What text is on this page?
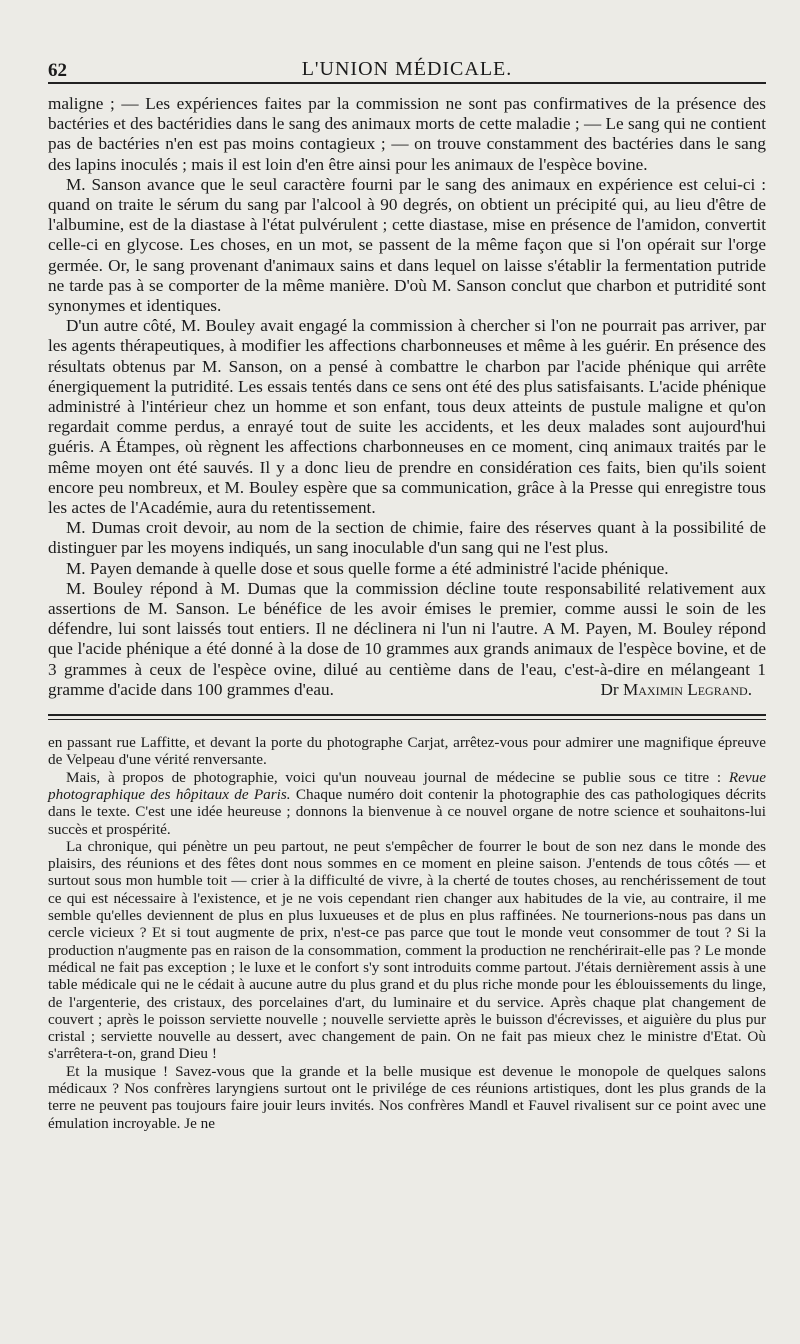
62	L'UNION MÉDICALE.

maligne ; — Les expériences faites par la commission ne sont pas confirmatives de la présence des bactéries et des bactéridies dans le sang des animaux morts de cette maladie ; — Le sang qui ne contient pas de bactéries n'en est pas moins contagieux ; — on trouve constamment des bactéries dans le sang des lapins inoculés ; mais il est loin d'en être ainsi pour les animaux de l'espèce bovine.

M. Sanson avance que le seul caractère fourni par le sang des animaux en expérience est celui-ci : quand on traite le sérum du sang par l'alcool à 90 degrés, on obtient un précipité qui, au lieu d'être de l'albumine, est de la diastase à l'état pulvérulent ; cette diastase, mise en présence de l'amidon, convertit celle-ci en glycose. Les choses, en un mot, se passent de la même façon que si l'on opérait sur l'orge germée. Or, le sang provenant d'animaux sains et dans lequel on laisse s'établir la fermentation putride ne tarde pas à se comporter de la même manière. D'où M. Sanson conclut que charbon et putridité sont synonymes et identiques.

D'un autre côté, M. Bouley avait engagé la commission à chercher si l'on ne pourrait pas arriver, par les agents thérapeutiques, à modifier les affections charbonneuses et même à les guérir. En présence des résultats obtenus par M. Sanson, on a pensé à combattre le charbon par l'acide phénique qui arrête énergiquement la putridité. Les essais tentés dans ce sens ont été des plus satisfaisants. L'acide phénique administré à l'intérieur chez un homme et son enfant, tous deux atteints de pustule maligne et qu'on regardait comme perdus, a enrayé tout de suite les accidents, et les deux malades sont aujourd'hui guéris. A Étampes, où règnent les affections charbonneuses en ce moment, cinq animaux traités par le même moyen ont été sauvés. Il y a donc lieu de prendre en considération ces faits, bien qu'ils soient encore peu nombreux, et M. Bouley espère que sa communication, grâce à la Presse qui enregistre tous les actes de l'Académie, aura du retentissement.

M. Dumas croit devoir, au nom de la section de chimie, faire des réserves quant à la possibilité de distinguer par les moyens indiqués, un sang inoculable d'un sang qui ne l'est plus.

M. Payen demande à quelle dose et sous quelle forme a été administré l'acide phénique.

M. Bouley répond à M. Dumas que la commission décline toute responsabilité relativement aux assertions de M. Sanson. Le bénéfice de les avoir émises le premier, comme aussi le soin de les défendre, lui sont laissés tout entiers. Il ne déclinera ni l'un ni l'autre. A M. Payen, M. Bouley répond que l'acide phénique a été donné à la dose de 10 grammes aux grands animaux de l'espèce bovine, et de 3 grammes à ceux de l'espèce ovine, dilué au centième dans de l'eau, c'est-à-dire en mélangeant 1 gramme d'acide dans 100 grammes d'eau.	Dr Maximin Legrand.

en passant rue Laffitte, et devant la porte du photographe Carjat, arrêtez-vous pour admirer une magnifique épreuve de Velpeau d'une vérité renversante.

Mais, à propos de photographie, voici qu'un nouveau journal de médecine se publie sous ce titre : Revue photographique des hôpitaux de Paris. Chaque numéro doit contenir la photographie des cas pathologiques décrits dans le texte. C'est une idée heureuse ; donnons la bienvenue à ce nouvel organe de notre science et souhaitons-lui succès et prospérité.

La chronique, qui pénètre un peu partout, ne peut s'empêcher de fourrer le bout de son nez dans le monde des plaisirs, des réunions et des fêtes dont nous sommes en ce moment en pleine saison. J'entends de tous côtés — et surtout sous mon humble toit — crier à la difficulté de vivre, à la cherté de toutes choses, au renchérissement de tout ce qui est nécessaire à l'existence, et je ne vois cependant rien changer aux habitudes de la vie, au contraire, il me semble qu'elles deviennent de plus en plus luxueuses et de plus en plus raffinées. Ne tournerions-nous pas dans un cercle vicieux ? Et si tout augmente de prix, n'est-ce pas parce que tout le monde veut consommer de tout ? Si la production n'augmente pas en raison de la consommation, comment la production ne renchérirait-elle pas ? Le monde médical ne fait pas exception ; le luxe et le confort s'y sont introduits comme partout. J'étais dernièrement assis à une table médicale qui ne le cédait à aucune autre du plus grand et du plus riche monde pour les éblouissements du linge, de l'argenterie, des cristaux, des porcelaines d'art, du luminaire et du service. Après chaque plat changement de couvert ; après le poisson serviette nouvelle ; nouvelle serviette après le buisson d'écrevisses, et aiguière du plus pur cristal ; serviette nouvelle au dessert, avec changement de pain. On ne fait pas mieux chez le ministre d'Etat. Où s'arrêtera-t-on, grand Dieu !

Et la musique ! Savez-vous que la grande et la belle musique est devenue le monopole de quelques salons médicaux ? Nos confrères laryngiens surtout ont le privilége de ces réunions artistiques, dont les plus grands de la terre ne peuvent pas toujours faire jouir leurs invités. Nos confrères Mandl et Fauvel rivalisent sur ce point avec une émulation incroyable. Je ne
